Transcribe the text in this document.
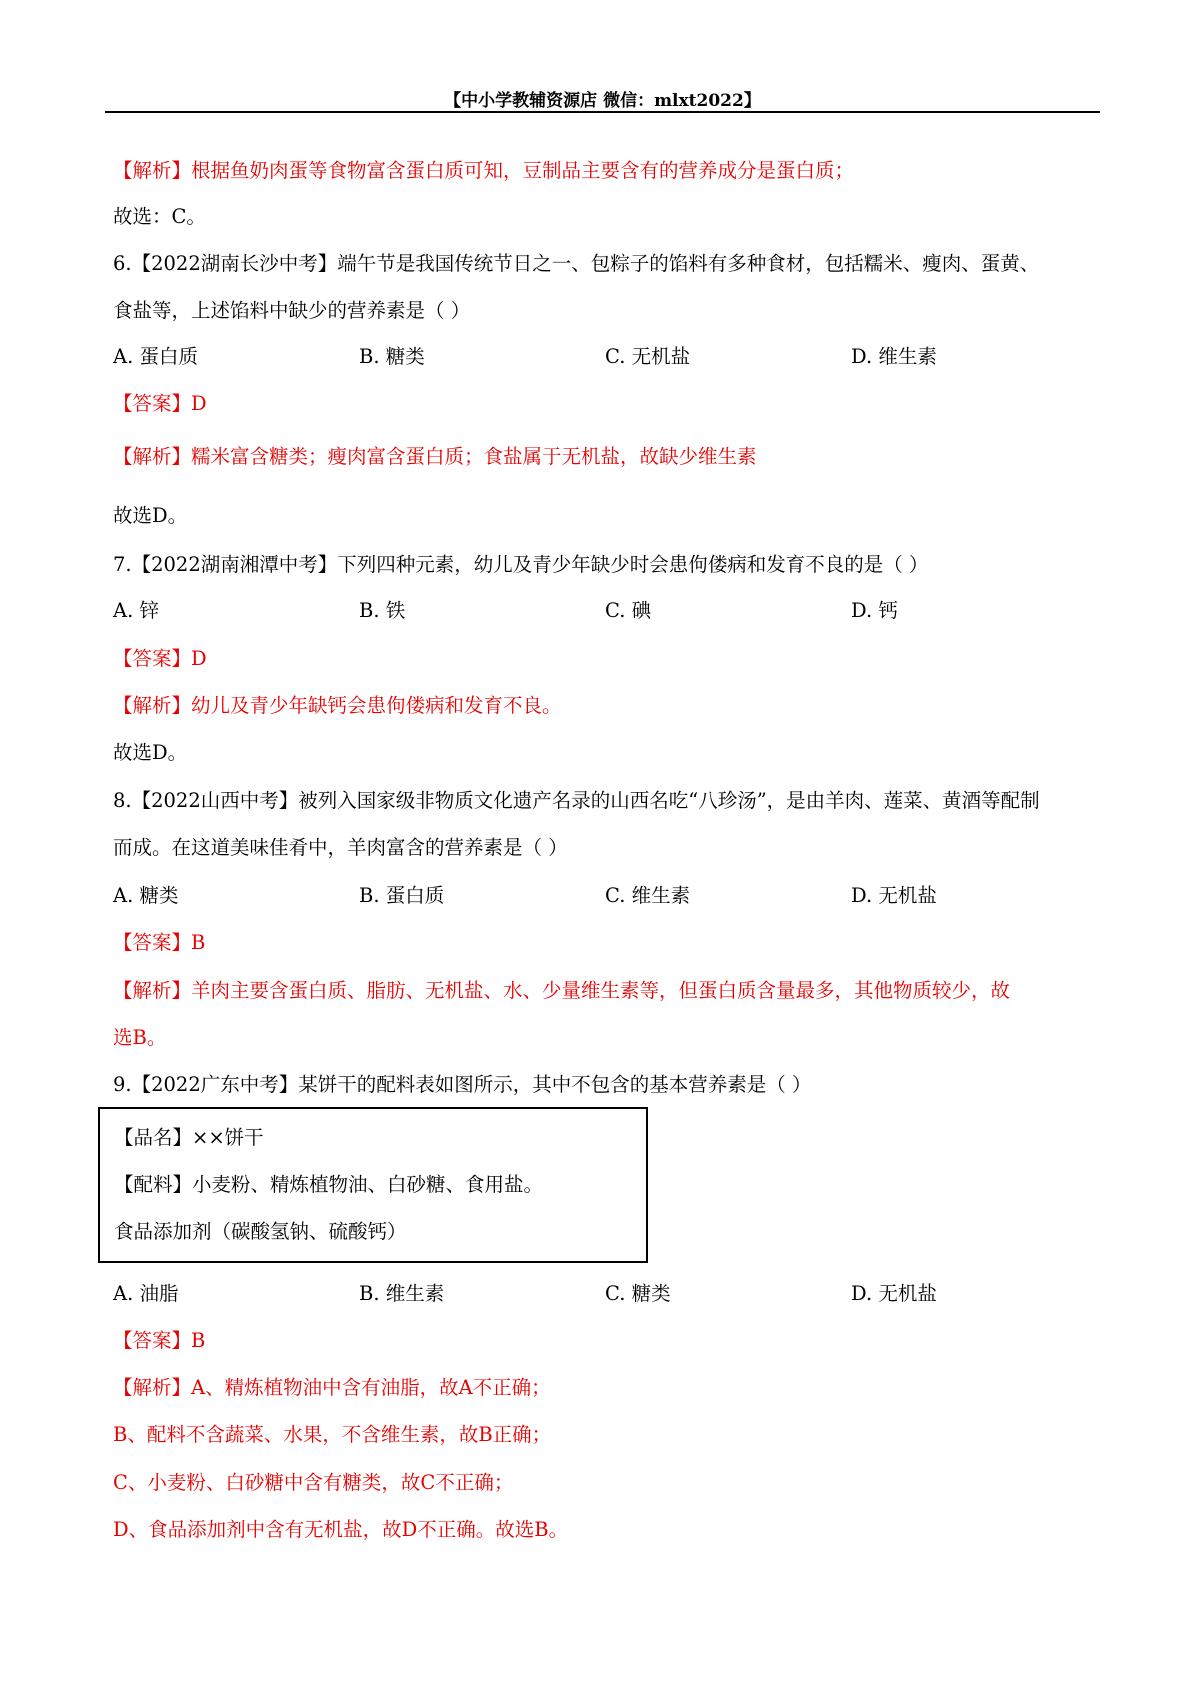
【中小学教辅资源店 微信：mlxt2022】
【解析】根据鱼奶肉蛋等食物富含蛋白质可知，豆制品主要含有的营养成分是蛋白质；
故选：C。
6.【2022湖南长沙中考】端午节是我国传统节日之一、包粽子的馅料有多种食材，包括糯米、瘦肉、蛋黄、
食盐等，上述馅料中缺少的营养素是（ ）
A. 蛋白质	B. 糖类	C. 无机盐	D. 维生素
【答案】D
【解析】糯米富含糖类；瘦肉富含蛋白质；食盐属于无机盐，故缺少维生素
故选D。
7.【2022湖南湘潭中考】下列四种元素，幼儿及青少年缺少时会患佝偻病和发育不良的是（ ）
A. 锌	B. 铁	C. 碘	D. 钙
【答案】D
【解析】幼儿及青少年缺钙会患佝偻病和发育不良。
故选D。
8.【2022山西中考】被列入国家级非物质文化遗产名录的山西名吃“八珍汤”，是由羊肉、莲菜、黄酒等配制
而成。在这道美味佳肴中，羊肉富含的营养素是（ ）
A. 糖类	B. 蛋白质	C. 维生素	D. 无机盐
【答案】B
【解析】羊肉主要含蛋白质、脂肪、无机盐、水、少量维生素等，但蛋白质含量最多，其他物质较少，故
选B。
9.【2022广东中考】某饼干的配料表如图所示，其中不包含的基本营养素是（ ）
【品名】××饼干
【配料】小麦粉、精炼植物油、白砂糖、食用盐。
食品添加剂（碳酸氢钠、硫酸钙）
A. 油脂	B. 维生素	C. 糖类	D. 无机盐
【答案】B
【解析】A、精炼植物油中含有油脂，故A不正确；
B、配料不含蔬菜、水果，不含维生素，故B正确；
C、小麦粉、白砂糖中含有糖类，故C不正确；
D、食品添加剂中含有无机盐，故D不正确。故选B。
